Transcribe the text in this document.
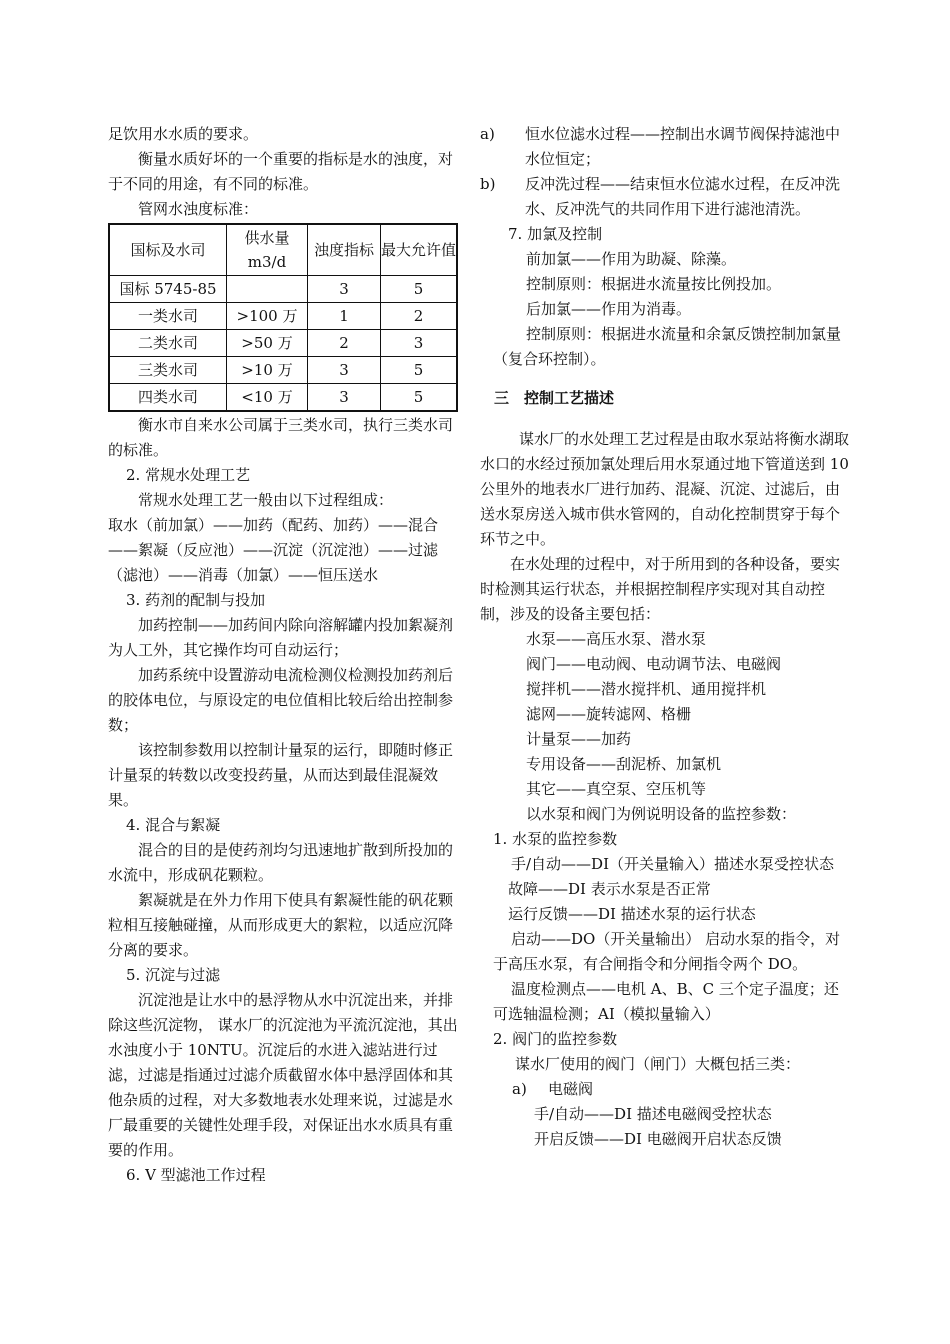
足饮用水水质的要求。

衡量水质好坏的一个重要的指标是水的浊度，对于不同的用途，有不同的标准。

管网水浊度标准：

国标及水司	供水量 m3/d	浊度指标	最大允许值
国标 5745-85		3	5
一类水司	>100 万	1	2
二类水司	>50 万	2	3
三类水司	>10 万	3	5
四类水司	<10 万	3	5

衡水市自来水公司属于三类水司，执行三类水司的标准。

2. 常规水处理工艺

常规水处理工艺一般由以下过程组成：

取水（前加氯）——加药（配药、加药）——混合——絮凝（反应池）——沉淀（沉淀池）——过滤（滤池）——消毒（加氯）——恒压送水

3. 药剂的配制与投加

加药控制——加药间内除向溶解罐内投加絮凝剂为人工外，其它操作均可自动运行；

加药系统中设置游动电流检测仪检测投加药剂后的胶体电位，与原设定的电位值相比较后给出控制参数；

该控制参数用以控制计量泵的运行，即随时修正计量泵的转数以改变投药量，从而达到最佳混凝效果。

4. 混合与絮凝

混合的目的是使药剂均匀迅速地扩散到所投加的水流中，形成矾花颗粒。

絮凝就是在外力作用下使具有絮凝性能的矾花颗粒相互接触碰撞，从而形成更大的絮粒，以适应沉降分离的要求。

5. 沉淀与过滤

沉淀池是让水中的悬浮物从水中沉淀出来，并排除这些沉淀物， 谋水厂的沉淀池为平流沉淀池，其出水浊度小于 10NTU。沉淀后的水进入滤站进行过滤，过滤是指通过过滤介质截留水体中悬浮固体和其他杂质的过程，对大多数地表水处理来说，过滤是水厂最重要的关键性处理手段，对保证出水水质具有重要的作用。

6. V 型滤池工作过程

a)	恒水位滤水过程——控制出水调节阀保持滤池中水位恒定；
b)	反冲洗过程——结束恒水位滤水过程，在反冲洗水、反冲洗气的共同作用下进行滤池清洗。

7. 加氯及控制

前加氯——作用为助凝、除藻。

控制原则：根据进水流量按比例投加。

后加氯——作用为消毒。

控制原则：根据进水流量和余氯反馈控制加氯量（复合环控制）。

三　控制工艺描述

谋水厂的水处理工艺过程是由取水泵站将衡水湖取水口的水经过预加氯处理后用水泵通过地下管道送到 10 公里外的地表水厂进行加药、混凝、沉淀、过滤后，由送水泵房送入城市供水管网的，自动化控制贯穿于每个环节之中。

在水处理的过程中，对于所用到的各种设备，要实时检测其运行状态，并根据控制程序实现对其自动控制，涉及的设备主要包括：

水泵——高压水泵、潜水泵

阀门——电动阀、电动调节法、电磁阀

搅拌机——潜水搅拌机、通用搅拌机

滤网——旋转滤网、格栅

计量泵——加药

专用设备——刮泥桥、加氯机

其它——真空泵、空压机等

以水泵和阀门为例说明设备的监控参数：

1. 水泵的监控参数

手/自动——DI（开关量输入）描述水泵受控状态

故障——DI 表示水泵是否正常

运行反馈——DI 描述水泵的运行状态

启动——DO（开关量输出） 启动水泵的指令，对于高压水泵，有合闸指令和分闸指令两个 DO。

温度检测点——电机 A、B、C 三个定子温度；还可选轴温检测；AI（模拟量输入）

2. 阀门的监控参数

谋水厂使用的阀门（闸门）大概包括三类：

a)	电磁阀

手/自动——DI 描述电磁阀受控状态

开启反馈——DI 电磁阀开启状态反馈
